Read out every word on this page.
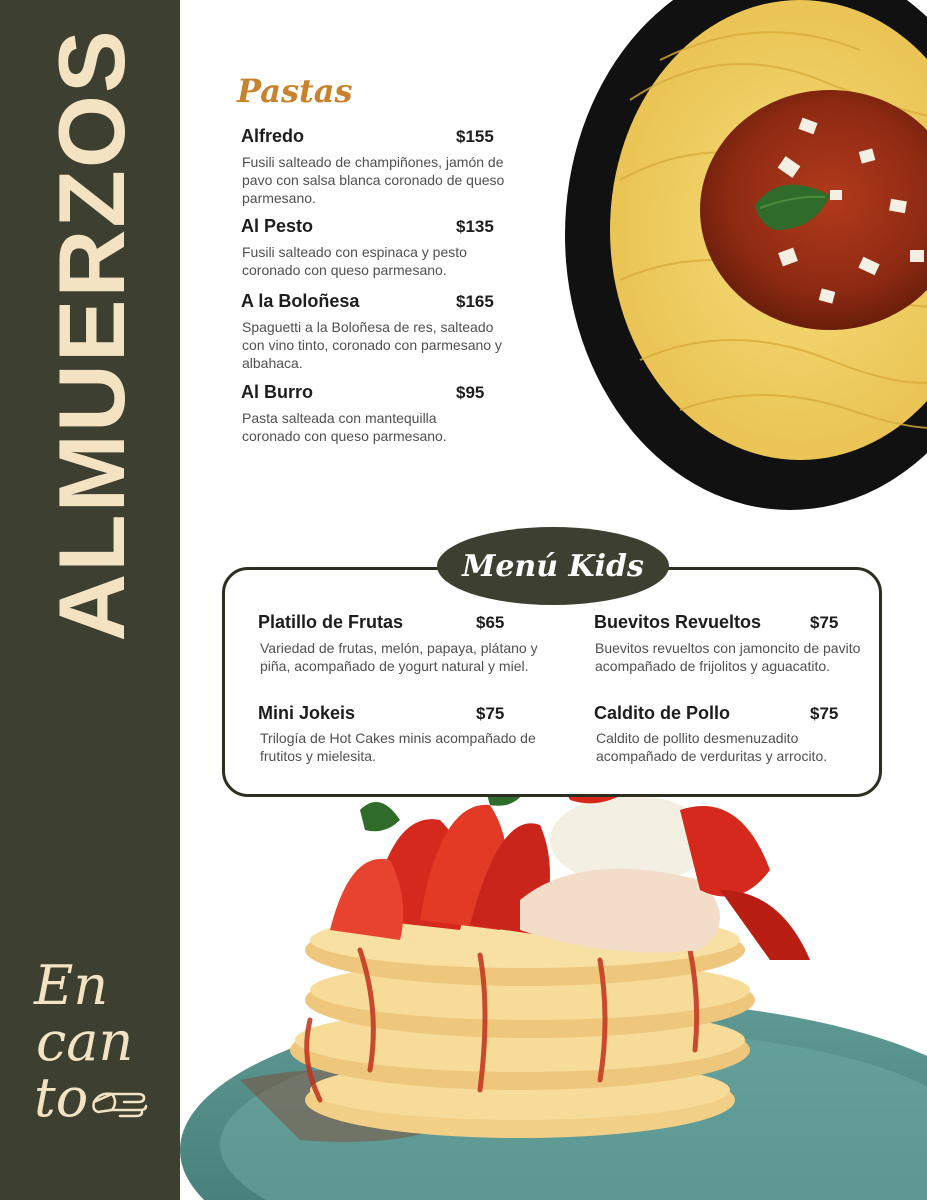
ALMUERZOS
En
can
to
Pastas
Alfredo	$155
Fusili salteado de champiñones, jamón de pavo con salsa blanca coronado de queso parmesano.
Al Pesto	$135
Fusili salteado con espinaca y pesto coronado con queso parmesano.
A la Boloñesa	$165
Spaguetti a la Boloñesa de res, salteado con vino tinto, coronado con parmesano y albahaca.
Al Burro	$95
Pasta salteada con mantequilla coronado con queso parmesano.
Menú Kids
Platillo de Frutas	$65
Variedad de frutas, melón, papaya, plátano y piña, acompañado de yogurt natural y miel.
Buevitos Revueltos	$75
Buevitos revueltos con jamoncito de pavito acompañado de frijolitos y aguacatito.
Mini Jokeis	$75
Trilogía de Hot Cakes minis acompañado de frutitos y mielesita.
Caldito de Pollo	$75
Caldito de pollito desmenuzadito acompañado de verduritas y arrocito.
